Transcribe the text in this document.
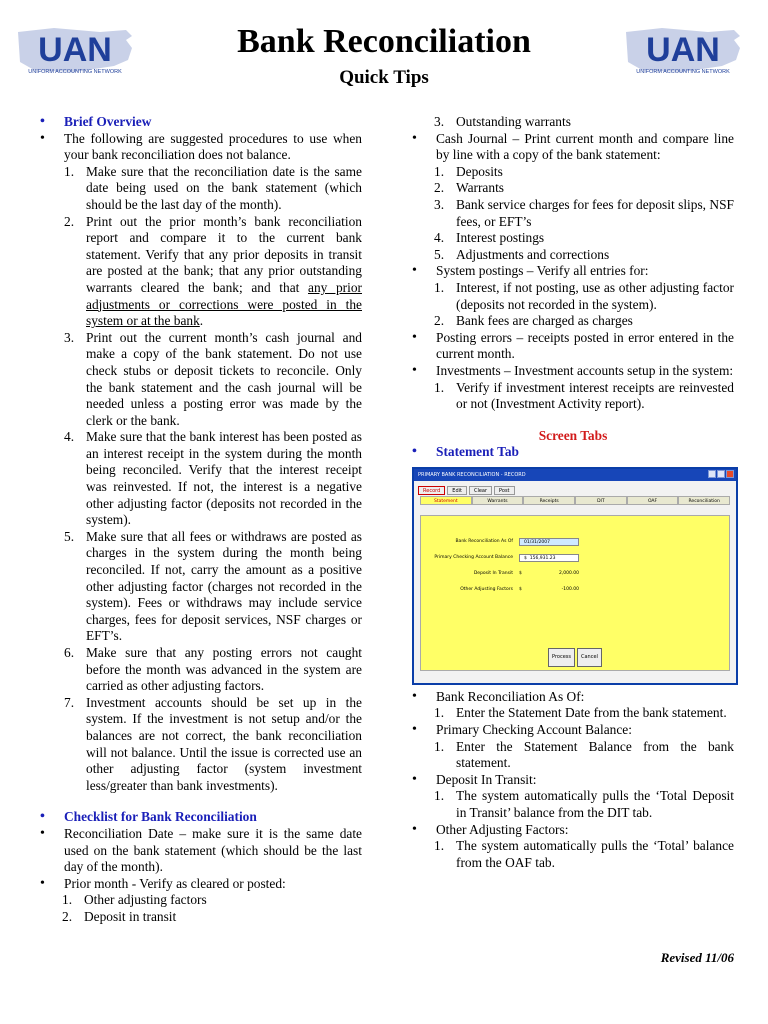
UAN
UNIFORM ACCOUNTING NETWORK
UAN
UNIFORM ACCOUNTING NETWORK
Bank Reconciliation
Quick Tips
• Brief Overview
• The following are suggested procedures to use when your bank reconciliation does not balance.
1. Make sure that the reconciliation date is the same date being used on the bank statement (which should be the last day of the month).
2. Print out the prior month’s bank reconciliation report and compare it to the current bank statement. Verify that any prior deposits in transit are posted at the bank; that any prior outstanding warrants cleared the bank; and that any prior adjustments or corrections were posted in the system or at the bank.
3. Print out the current month’s cash journal and make a copy of the bank statement. Do not use check stubs or deposit tickets to reconcile. Only the bank statement and the cash journal will be needed unless a posting error was made by the clerk or the bank.
4. Make sure that the bank interest has been posted as an interest receipt in the system during the month being reconciled. Verify that the interest receipt was reinvested. If not, the interest is a negative other adjusting factor (deposits not recorded in the system).
5. Make sure that all fees or withdraws are posted as charges in the system during the month being reconciled. If not, carry the amount as a positive other adjusting factor (charges not recorded in the system). Fees or withdraws may include service charges, fees for deposit services, NSF charges or EFT’s.
6. Make sure that any posting errors not caught before the month was advanced in the system are carried as other adjusting factors.
7. Investment accounts should be set up in the system. If the investment is not setup and/or the balances are not correct, the bank reconciliation will not balance. Until the issue is corrected use an other adjusting factor (system investment less/greater than bank investments).
• Checklist for Bank Reconciliation
• Reconciliation Date – make sure it is the same date used on the bank statement (which should be the last day of the month).
• Prior month - Verify as cleared or posted:
1. Other adjusting factors
2. Deposit in transit
3. Outstanding warrants
• Cash Journal – Print current month and compare line by line with a copy of the bank statement:
1. Deposits
2. Warrants
3. Bank service charges for fees for deposit slips, NSF fees, or EFT’s
4. Interest postings
5. Adjustments and corrections
• System postings – Verify all entries for:
1. Interest, if not posting, use as other adjusting factor (deposits not recorded in the system).
2. Bank fees are charged as charges
• Posting errors – receipts posted in error entered in the current month.
• Investments – Investment accounts setup in the system:
1. Verify if investment interest receipts are reinvested or not (Investment Activity report).
Screen Tabs
• Statement Tab
PRIMARY BANK RECONCILIATION - RECORD
Record Edit Clear Post
Statement	Warrants	Receipts	DIT	OAF	Reconciliation
Bank Reconciliation As Of	01/31/2007
Primary Checking Account Balance	$ 156,931.23
Deposit In Transit $	2,000.00
Other Adjusting Factors $	-100.00
Process Cancel
• Bank Reconciliation As Of:
1. Enter the Statement Date from the bank statement.
• Primary Checking Account Balance:
1. Enter the Statement Balance from the bank statement.
• Deposit In Transit:
1. The system automatically pulls the ‘Total Deposit in Transit’ balance from the DIT tab.
• Other Adjusting Factors:
1. The system automatically pulls the ‘Total’ balance from the OAF tab.
Revised 11/06
